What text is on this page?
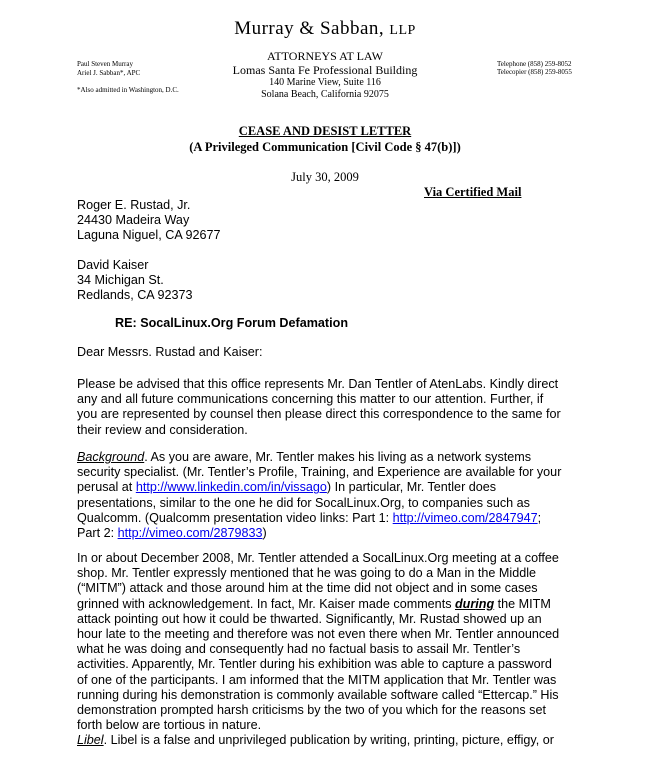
Murray & Sabban, LLP
Paul Steven Murray
Ariel J. Sabban*, APC
*Also admitted in Washington, D.C.
ATTORNEYS AT LAW
Lomas Santa Fe Professional Building
140 Marine View, Suite 116
Solana Beach, California 92075
Telephone (858) 259-8052
Telecopier (858) 259-8055
CEASE AND DESIST LETTER
(A Privileged Communication [Civil Code § 47(b)])
July 30, 2009
Via Certified Mail
Roger E. Rustad, Jr.
24430 Madeira Way
Laguna Niguel, CA 92677
David Kaiser
34 Michigan St.
Redlands, CA 92373
RE: SocalLinux.Org Forum Defamation
Dear Messrs. Rustad and Kaiser:
Please be advised that this office represents Mr. Dan Tentler of AtenLabs. Kindly direct
any and all future communications concerning this matter to our attention. Further, if
you are represented by counsel then please direct this correspondence to the same for
their review and consideration.
Background. As you are aware, Mr. Tentler makes his living as a network systems
security specialist. (Mr. Tentler’s Profile, Training, and Experience are available for your
perusal at http://www.linkedin.com/in/vissago) In particular, Mr. Tentler does
presentations, similar to the one he did for SocalLinux.Org, to companies such as
Qualcomm. (Qualcomm presentation video links: Part 1: http://vimeo.com/2847947;
Part 2: http://vimeo.com/2879833)
In or about December 2008, Mr. Tentler attended a SocalLinux.Org meeting at a coffee
shop. Mr. Tentler expressly mentioned that he was going to do a Man in the Middle
(“MITM”) attack and those around him at the time did not object and in some cases
grinned with acknowledgement. In fact, Mr. Kaiser made comments during the MITM
attack pointing out how it could be thwarted. Significantly, Mr. Rustad showed up an
hour late to the meeting and therefore was not even there when Mr. Tentler announced
what he was doing and consequently had no factual basis to assail Mr. Tentler’s
activities. Apparently, Mr. Tentler during his exhibition was able to capture a password
of one of the participants. I am informed that the MITM application that Mr. Tentler was
running during his demonstration is commonly available software called “Ettercap.” His
demonstration prompted harsh criticisms by the two of you which for the reasons set
forth below are tortious in nature.
Libel. Libel is a false and unprivileged publication by writing, printing, picture, effigy, or
